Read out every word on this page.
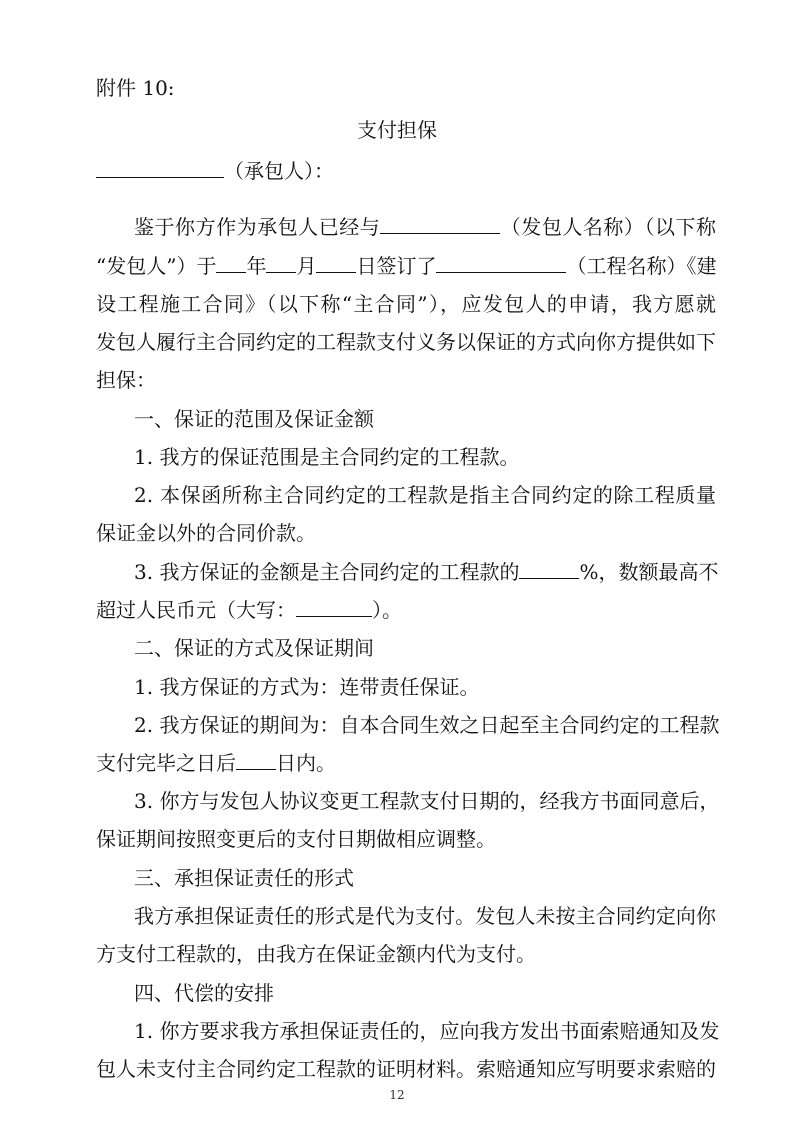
附件 10:
支付担保
（承包人）：
鉴于你方作为承包人已经与	（发包人名称）（以下称
“发包人”）于 年 月 日签订了	（工程名称）《建
设工程施工合同》（以下称“主合同”），应发包人的申请，我方愿就
发包人履行主合同约定的工程款支付义务以保证的方式向你方提供如下
担保：
一、保证的范围及保证金额
1. 我方的保证范围是主合同约定的工程款。
2. 本保函所称主合同约定的工程款是指主合同约定的除工程质量
保证金以外的合同价款。
3. 我方保证的金额是主合同约定的工程款的	%，数额最高不
超过人民币元（大写：	）。
二、保证的方式及保证期间
1. 我方保证的方式为：连带责任保证。
2. 我方保证的期间为：自本合同生效之日起至主合同约定的工程款
支付完毕之日后 日内。
3. 你方与发包人协议变更工程款支付日期的，经我方书面同意后，
保证期间按照变更后的支付日期做相应调整。
三、承担保证责任的形式
我方承担保证责任的形式是代为支付。发包人未按主合同约定向你
方支付工程款的，由我方在保证金额内代为支付。
四、代偿的安排
1. 你方要求我方承担保证责任的，应向我方发出书面索赔通知及发
包人未支付主合同约定工程款的证明材料。索赔通知应写明要求索赔的
12
